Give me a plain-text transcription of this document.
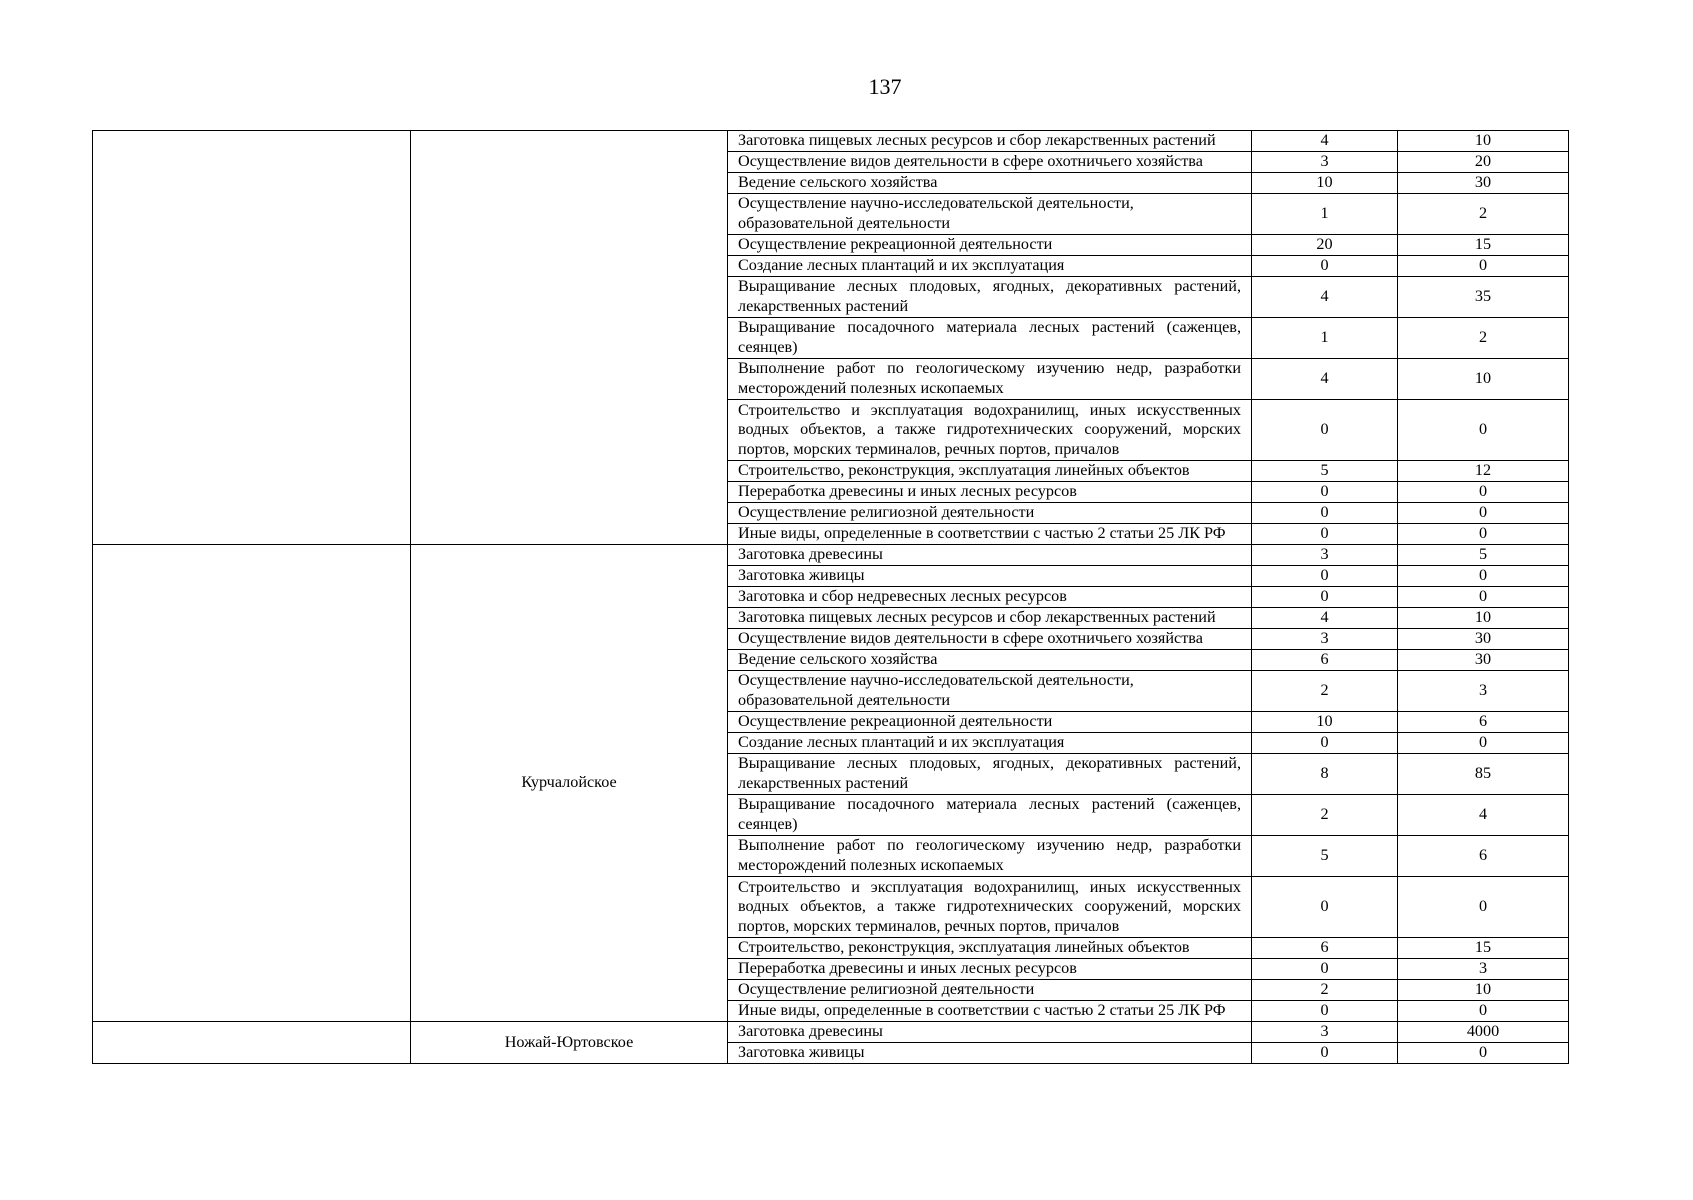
137
		Заготовка пищевых лесных ресурсов и сбор лекарственных растений	4	10
		Осуществление видов деятельности в сфере охотничьего хозяйства	3	20
		Ведение сельского хозяйства	10	30
		Осуществление научно-исследовательской деятельности, образовательной деятельности	1	2
		Осуществление рекреационной деятельности	20	15
		Создание лесных плантаций и их эксплуатация	0	0
		Выращивание лесных плодовых, ягодных, декоративных растений, лекарственных растений	4	35
		Выращивание посадочного материала лесных растений (саженцев, сеянцев)	1	2
		Выполнение работ по геологическому изучению недр, разработки месторождений полезных ископаемых	4	10
		Строительство и эксплуатация водохранилищ, иных искусственных водных объектов, а также гидротехнических сооружений, морских портов, морских терминалов, речных портов, причалов	0	0
		Строительство, реконструкция, эксплуатация линейных объектов	5	12
		Переработка древесины и иных лесных ресурсов	0	0
		Осуществление религиозной деятельности	0	0
		Иные виды, определенные в соответствии с частью 2 статьи 25 ЛК РФ	0	0
	Курчалойское	Заготовка древесины	3	5
		Заготовка живицы	0	0
		Заготовка и сбор недревесных лесных ресурсов	0	0
		Заготовка пищевых лесных ресурсов и сбор лекарственных растений	4	10
		Осуществление видов деятельности в сфере охотничьего хозяйства	3	30
		Ведение сельского хозяйства	6	30
		Осуществление научно-исследовательской деятельности, образовательной деятельности	2	3
		Осуществление рекреационной деятельности	10	6
		Создание лесных плантаций и их эксплуатация	0	0
		Выращивание лесных плодовых, ягодных, декоративных растений, лекарственных растений	8	85
		Выращивание посадочного материала лесных растений (саженцев, сеянцев)	2	4
		Выполнение работ по геологическому изучению недр, разработки месторождений полезных ископаемых	5	6
		Строительство и эксплуатация водохранилищ, иных искусственных водных объектов, а также гидротехнических сооружений, морских портов, морских терминалов, речных портов, причалов	0	0
		Строительство, реконструкция, эксплуатация линейных объектов	6	15
		Переработка древесины и иных лесных ресурсов	0	3
		Осуществление религиозной деятельности	2	10
		Иные виды, определенные в соответствии с частью 2 статьи 25 ЛК РФ	0	0
	Ножай-Юртовское	Заготовка древесины	3	4000
		Заготовка живицы	0	0
